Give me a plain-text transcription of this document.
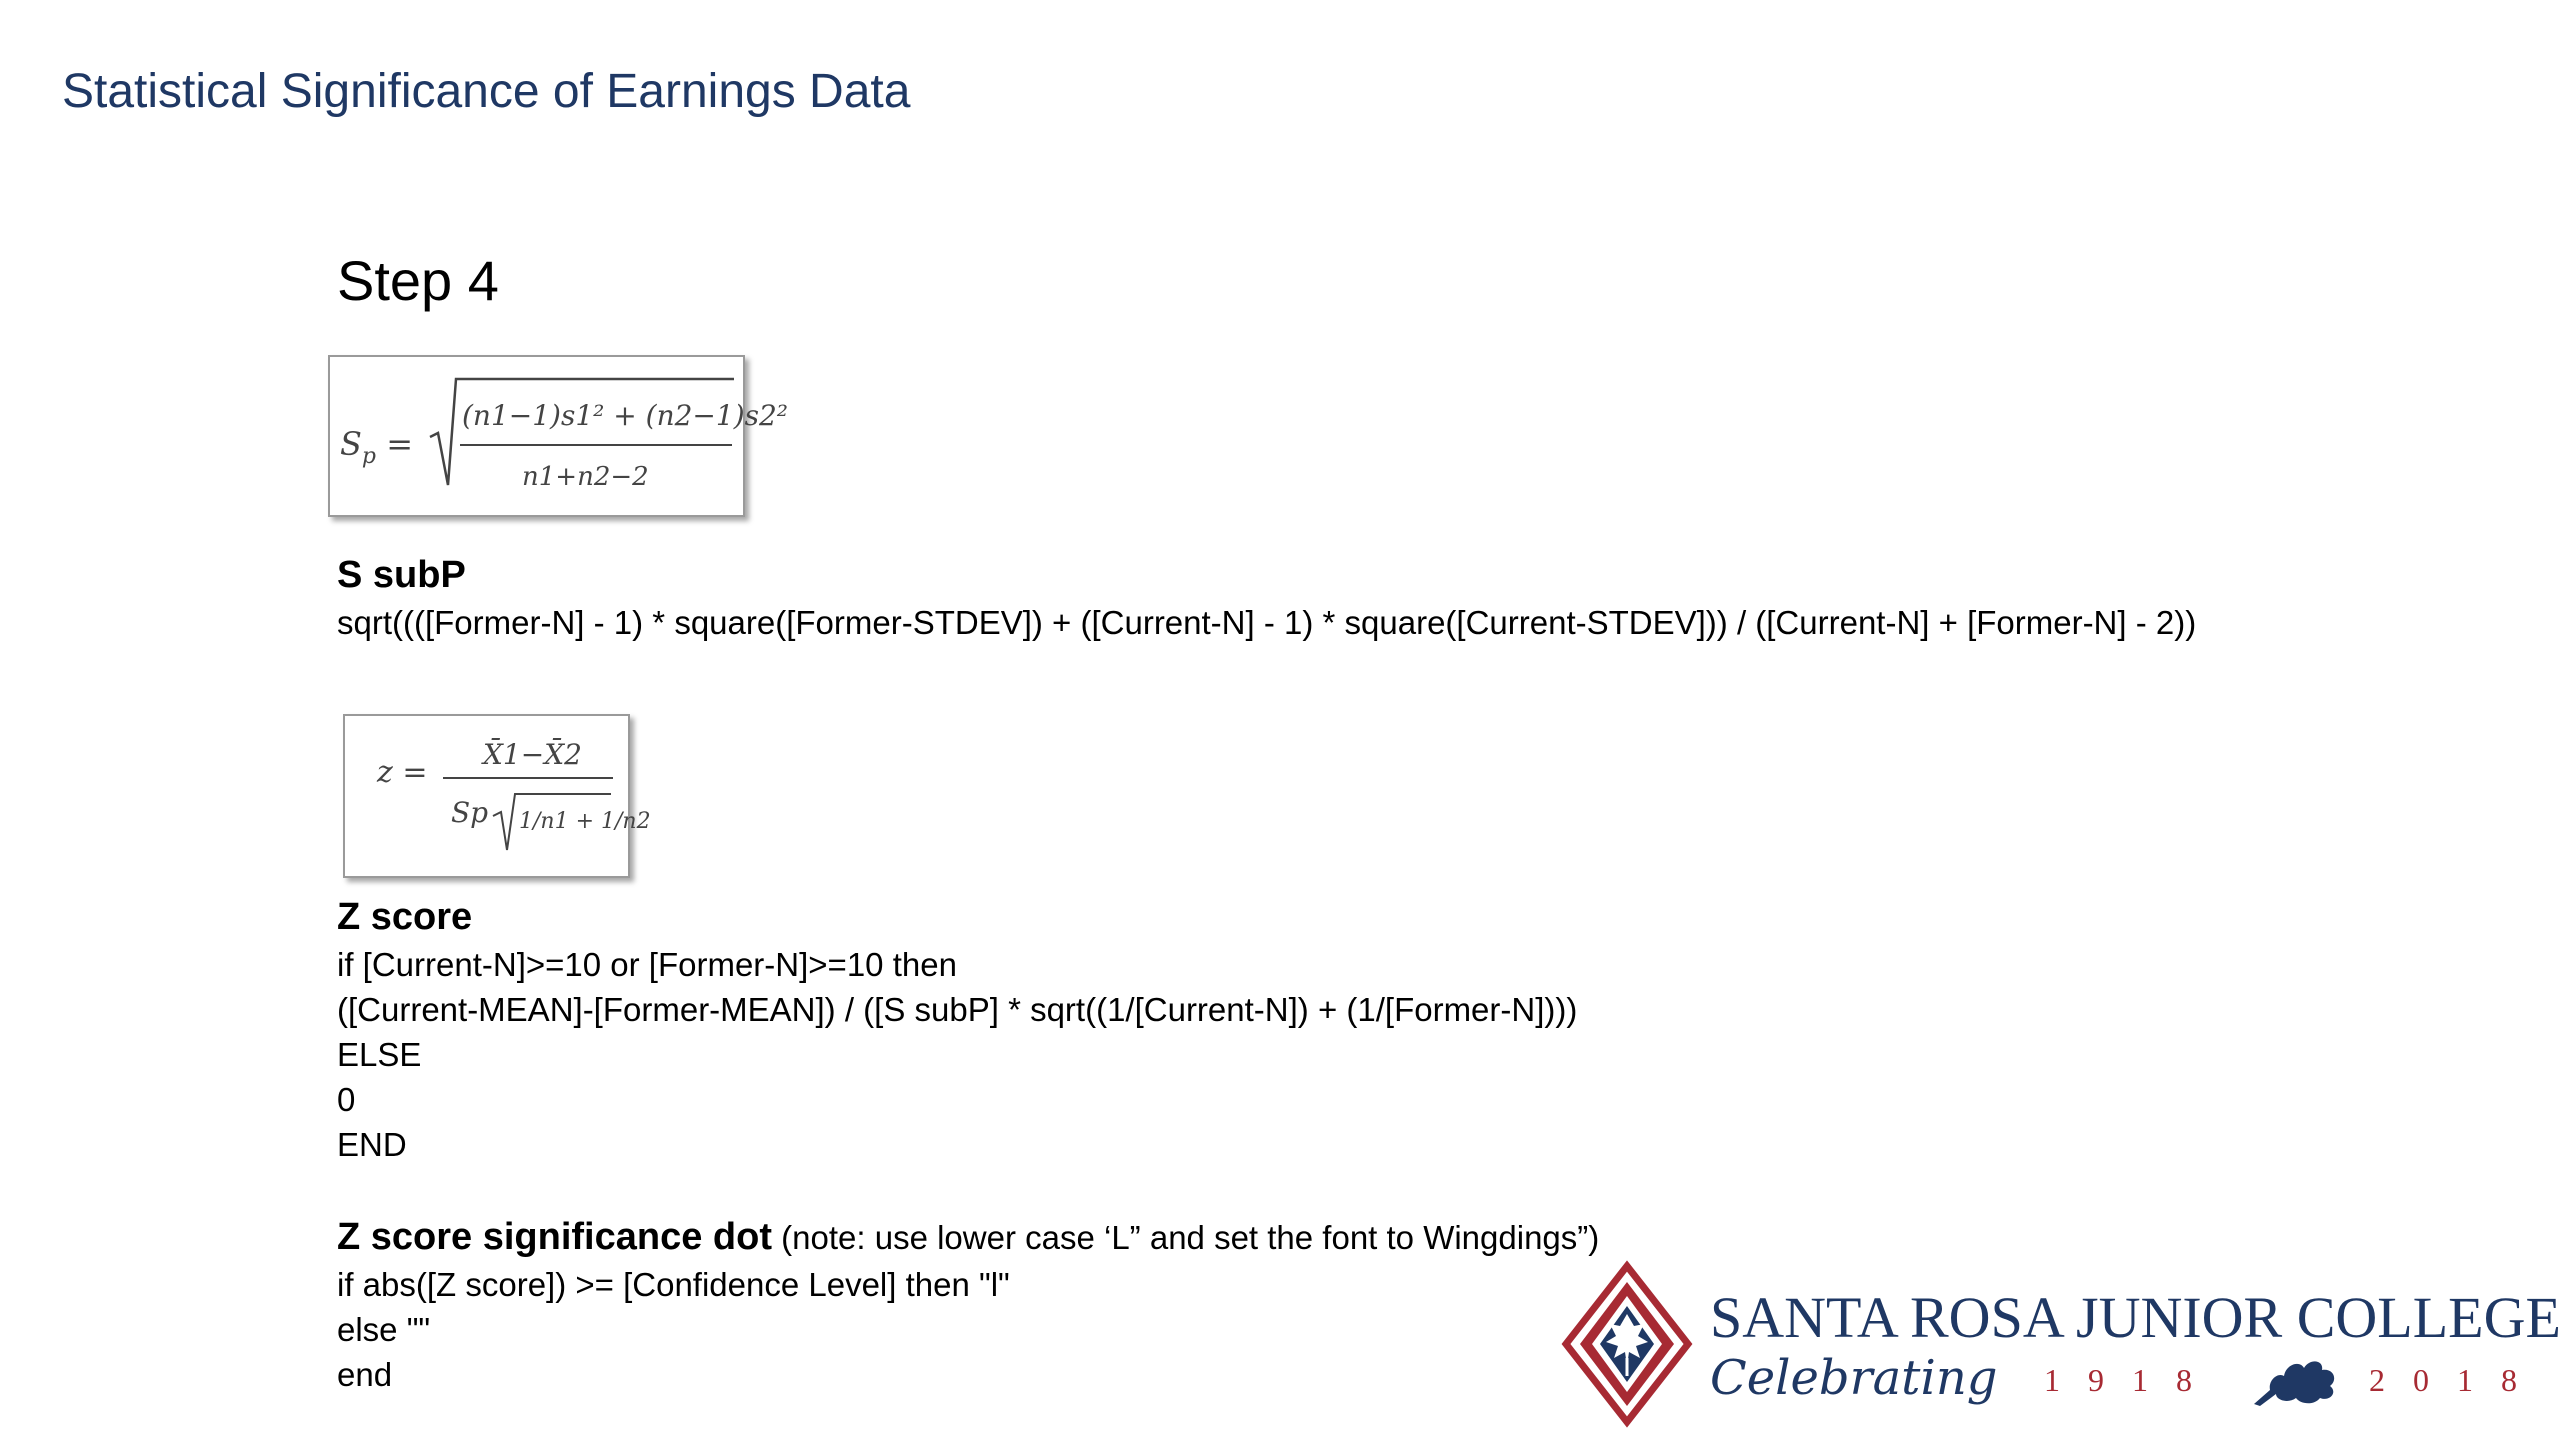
Statistical Significance of Earnings Data
Step 4
$S_p$ =
(n1−1)s1² + (n2−1)s2²
n1+n2−2
S subP
sqrt((([Former-N] - 1) * square([Former-STDEV]) + ([Current-N] - 1) * square([Current-STDEV])) / ([Current-N] + [Former-N] - 2))
z =
X̄1−X̄2
Sp 1/n1 + 1/n2
Z score
if [Current-N]>=10 or [Former-N]>=10 then
([Current-MEAN]-[Former-MEAN]) / ([S subP] * sqrt((1/[Current-N]) + (1/[Former-N])))
ELSE
0
END
Z score significance dot (note: use lower case ‘L” and set the font to Wingdings”)
if abs([Z score]) >= [Confidence Level] then "l"
else ""
end
SANTA ROSA JUNIOR COLLEGE
Celebrating 1918	2018
